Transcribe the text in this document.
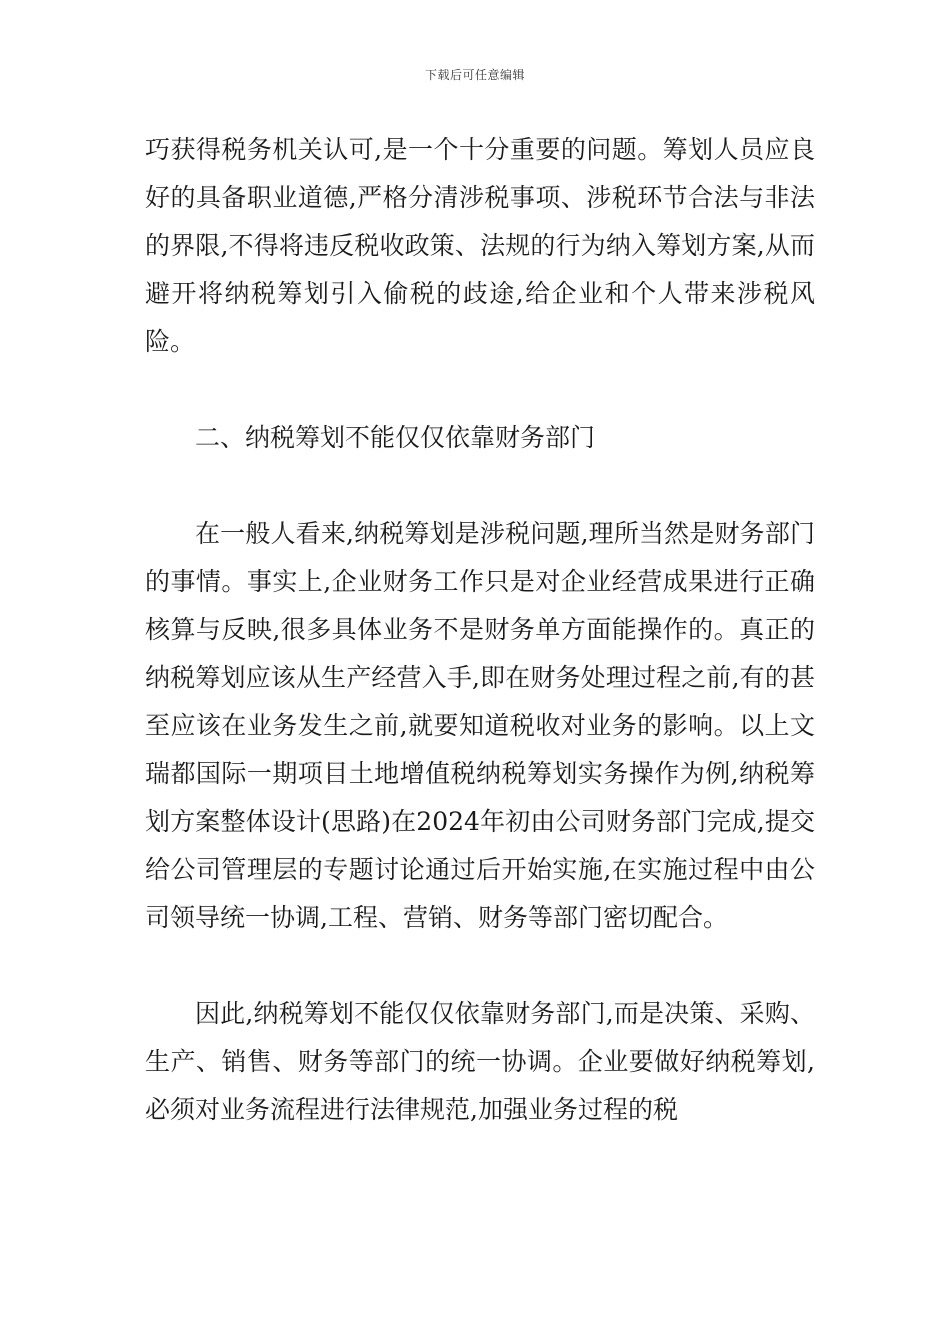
下载后可任意编辑

巧获得税务机关认可,是一个十分重要的问题。筹划人员应良好的具备职业道德,严格分清涉税事项、涉税环节合法与非法的界限,不得将违反税收政策、法规的行为纳入筹划方案,从而避开将纳税筹划引入偷税的歧途,给企业和个人带来涉税风险。

二、纳税筹划不能仅仅依靠财务部门

在一般人看来,纳税筹划是涉税问题,理所当然是财务部门的事情。事实上,企业财务工作只是对企业经营成果进行正确核算与反映,很多具体业务不是财务单方面能操作的。真正的纳税筹划应该从生产经营入手,即在财务处理过程之前,有的甚至应该在业务发生之前,就要知道税收对业务的影响。以上文瑞都国际一期项目土地增值税纳税筹划实务操作为例,纳税筹划方案整体设计(思路)在2024年初由公司财务部门完成,提交给公司管理层的专题讨论通过后开始实施,在实施过程中由公司领导统一协调,工程、营销、财务等部门密切配合。

因此,纳税筹划不能仅仅依靠财务部门,而是决策、采购、生产、销售、财务等部门的统一协调。企业要做好纳税筹划,必须对业务流程进行法律规范,加强业务过程的税
